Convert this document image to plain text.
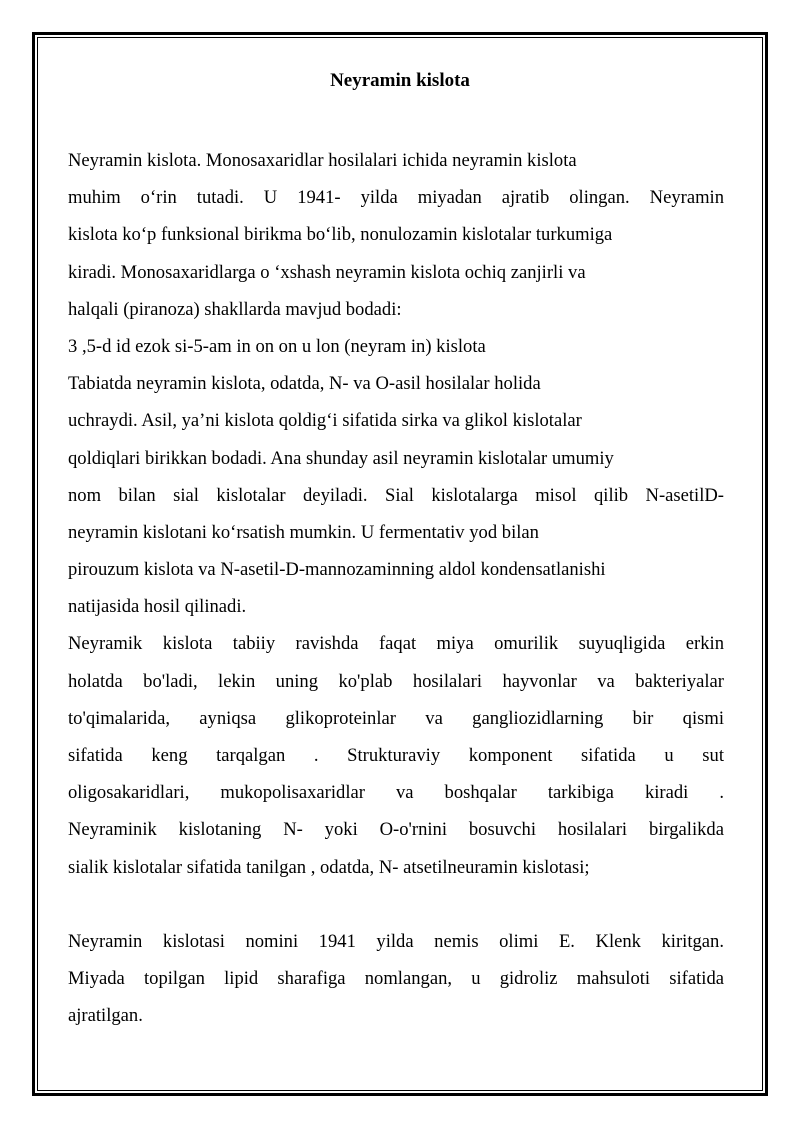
Neyramin kislota
Neyramin kislota. Monosaxaridlar hosilalari ichida neyramin kislota
muhim o‘rin tutadi. U 1941- yilda miyadan ajratib olingan. Neyramin
kislota ko‘p funksional birikma bo‘lib, nonulozamin kislotalar turkumiga
kiradi. Monosaxaridlarga o ‘xshash neyramin kislota ochiq zanjirli va
halqali (piranoza) shakllarda mavjud bodadi:
3 ,5-d id ezok si-5-am in on on u lon (neyram in) kislota
Tabiatda neyramin kislota, odatda, N- va O-asil hosilalar holida
uchraydi. Asil, ya’ni kislota qoldig‘i sifatida sirka va glikol kislotalar
qoldiqlari birikkan bodadi. Ana shunday asil neyramin kislotalar umumiy
nom bilan sial kislotalar deyiladi. Sial kislotalarga misol qilib N-asetilD-
neyramin kislotani ko‘rsatish mumkin. U fermentativ yod bilan
pirouzum kislota va N-asetil-D-mannozaminning aldol kondensatlanishi
natijasida hosil qilinadi.
Neyramik kislota tabiiy ravishda faqat miya omurilik suyuqligida erkin
holatda bo'ladi, lekin uning ko'plab hosilalari hayvonlar va bakteriyalar
to'qimalarida, ayniqsa glikoproteinlar va gangliozidlarning bir qismi
sifatida keng tarqalgan . Strukturaviy komponent sifatida u sut
oligosakaridlari, mukopolisaxaridlar va boshqalar tarkibiga kiradi .
Neyraminik kislotaning N- yoki O-o'rnini bosuvchi hosilalari birgalikda
sialik kislotalar sifatida tanilgan , odatda, N- atsetilneuramin kislotasi;
Neyramin kislotasi nomini 1941 yilda nemis olimi E. Klenk kiritgan.
Miyada topilgan lipid sharafiga nomlangan, u gidroliz mahsuloti sifatida
ajratilgan.
